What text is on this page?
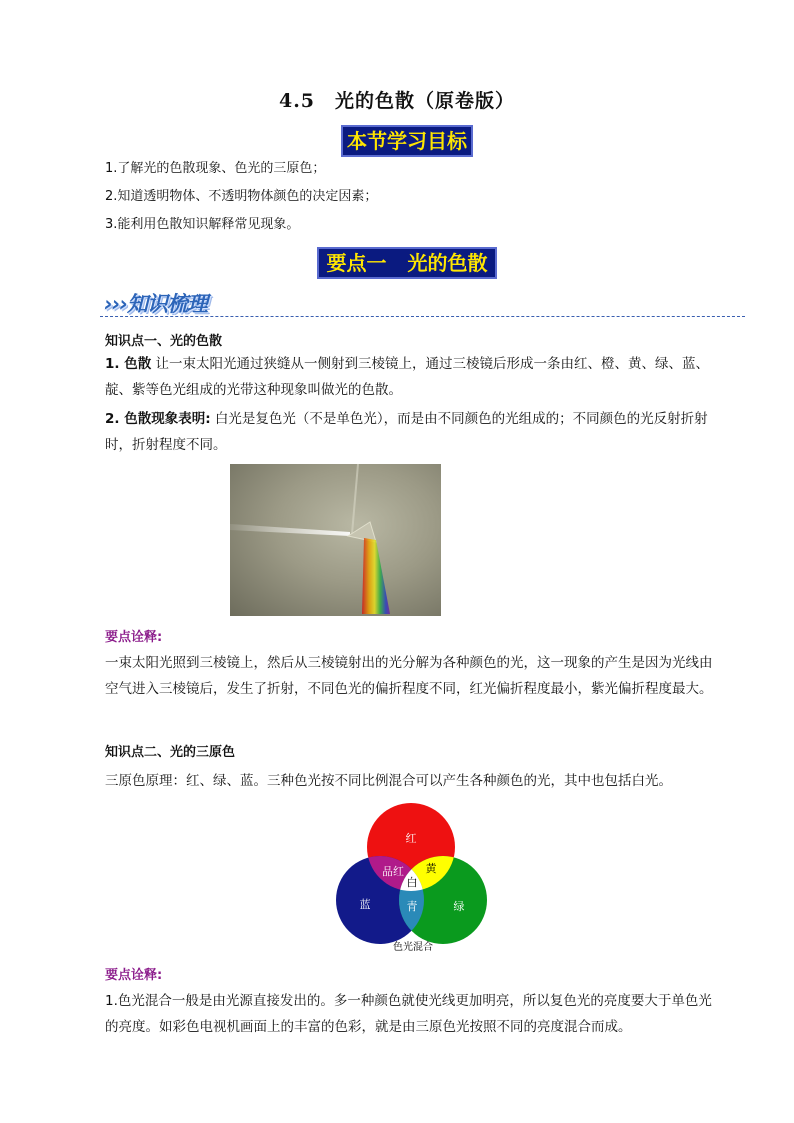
4.5　光的色散（原卷版）
本节学习目标
1.了解光的色散现象、色光的三原色；
2.知道透明物体、不透明物体颜色的决定因素；
3.能利用色散知识解释常见现象。
要点一 光的色散
›››知识梳理
知识点一、光的色散
1. 色散 让一束太阳光通过狭缝从一侧射到三棱镜上，通过三棱镜后形成一条由红、橙、黄、绿、蓝、靛、紫等色光组成的光带这种现象叫做光的色散。
2. 色散现象表明: 白光是复色光（不是单色光），而是由不同颜色的光组成的；不同颜色的光反射折射时，折射程度不同。
要点诠释:
一束太阳光照到三棱镜上，然后从三棱镜射出的光分解为各种颜色的光，这一现象的产生是因为光线由空气进入三棱镜后，发生了折射，不同色光的偏折程度不同，红光偏折程度最小，紫光偏折程度最大。
知识点二、光的三原色
三原色原理：红、绿、蓝。三种色光按不同比例混合可以产生各种颜色的光，其中也包括白光。
红
品红 黄
白
蓝	青	绿
色光混合
要点诠释:
1.色光混合一般是由光源直接发出的。多一种颜色就使光线更加明亮，所以复色光的亮度要大于单色光的亮度。如彩色电视机画面上的丰富的色彩，就是由三原色光按照不同的亮度混合而成。
